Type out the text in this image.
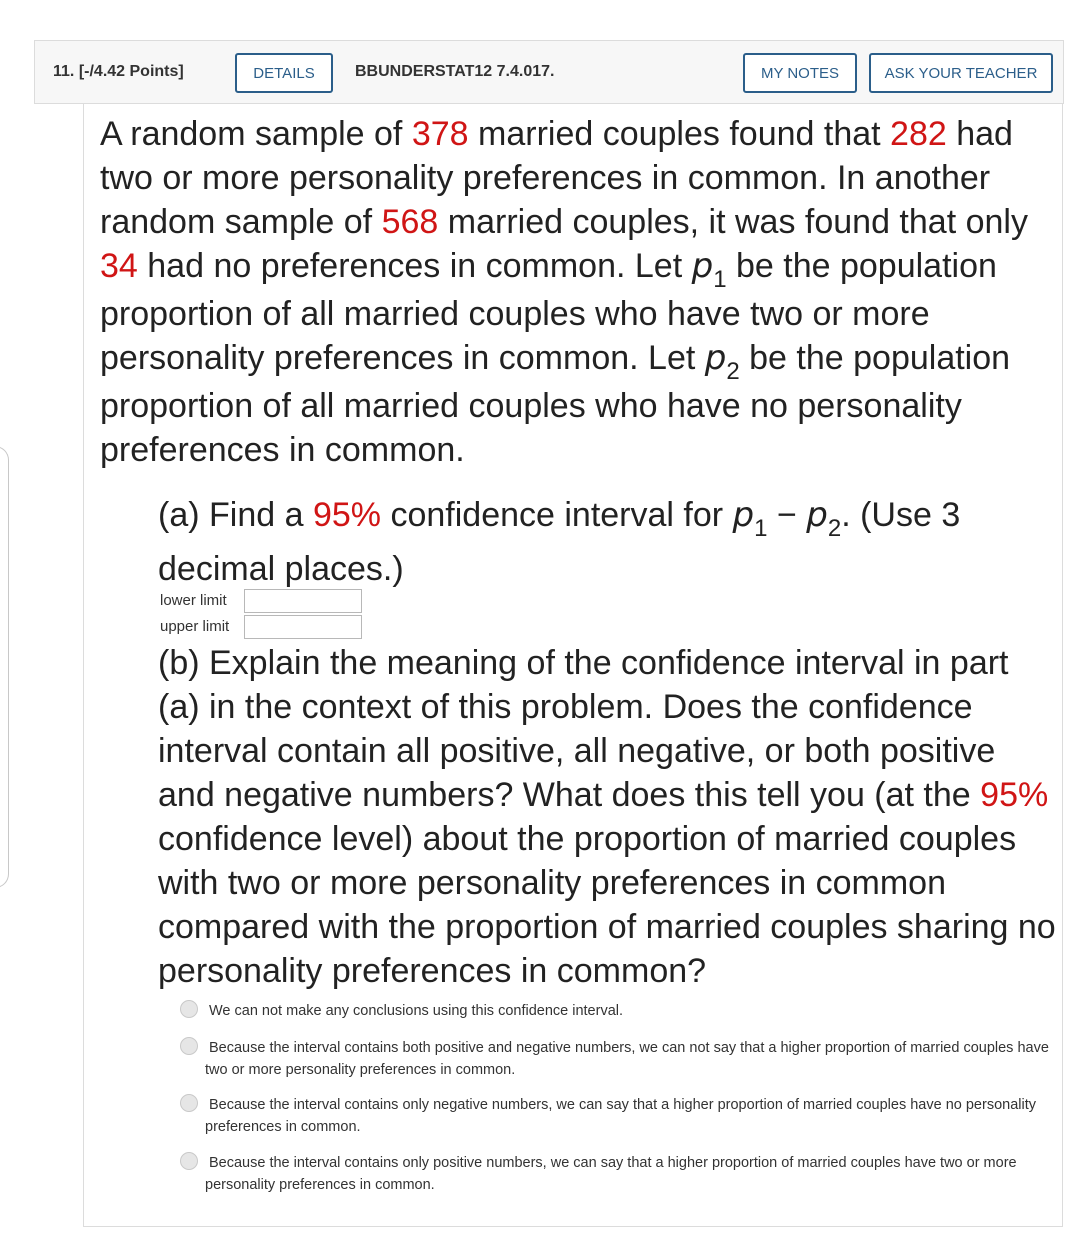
11. [-/4.42 Points]	DETAILS	BBUNDERSTAT12 7.4.017.	MY NOTES	ASK YOUR TEACHER
A random sample of 378 married couples found that 282 had two or more personality preferences in common. In another random sample of 568 married couples, it was found that only 34 had no preferences in common. Let $p_1$ be the population proportion of all married couples who have two or more personality preferences in common. Let $p_2$ be the population proportion of all married couples who have no personality preferences in common.
(a) Find a 95% confidence interval for $p_1 - p_2$. (Use 3 decimal places.)
lower limit
upper limit
(b) Explain the meaning of the confidence interval in part (a) in the context of this problem. Does the confidence interval contain all positive, all negative, or both positive and negative numbers? What does this tell you (at the 95% confidence level) about the proportion of married couples with two or more personality preferences in common compared with the proportion of married couples sharing no personality preferences in common?
We can not make any conclusions using this confidence interval.
Because the interval contains both positive and negative numbers, we can not say that a higher proportion of married couples have two or more personality preferences in common.
Because the interval contains only negative numbers, we can say that a higher proportion of married couples have no personality preferences in common.
Because the interval contains only positive numbers, we can say that a higher proportion of married couples have two or more personality preferences in common.
